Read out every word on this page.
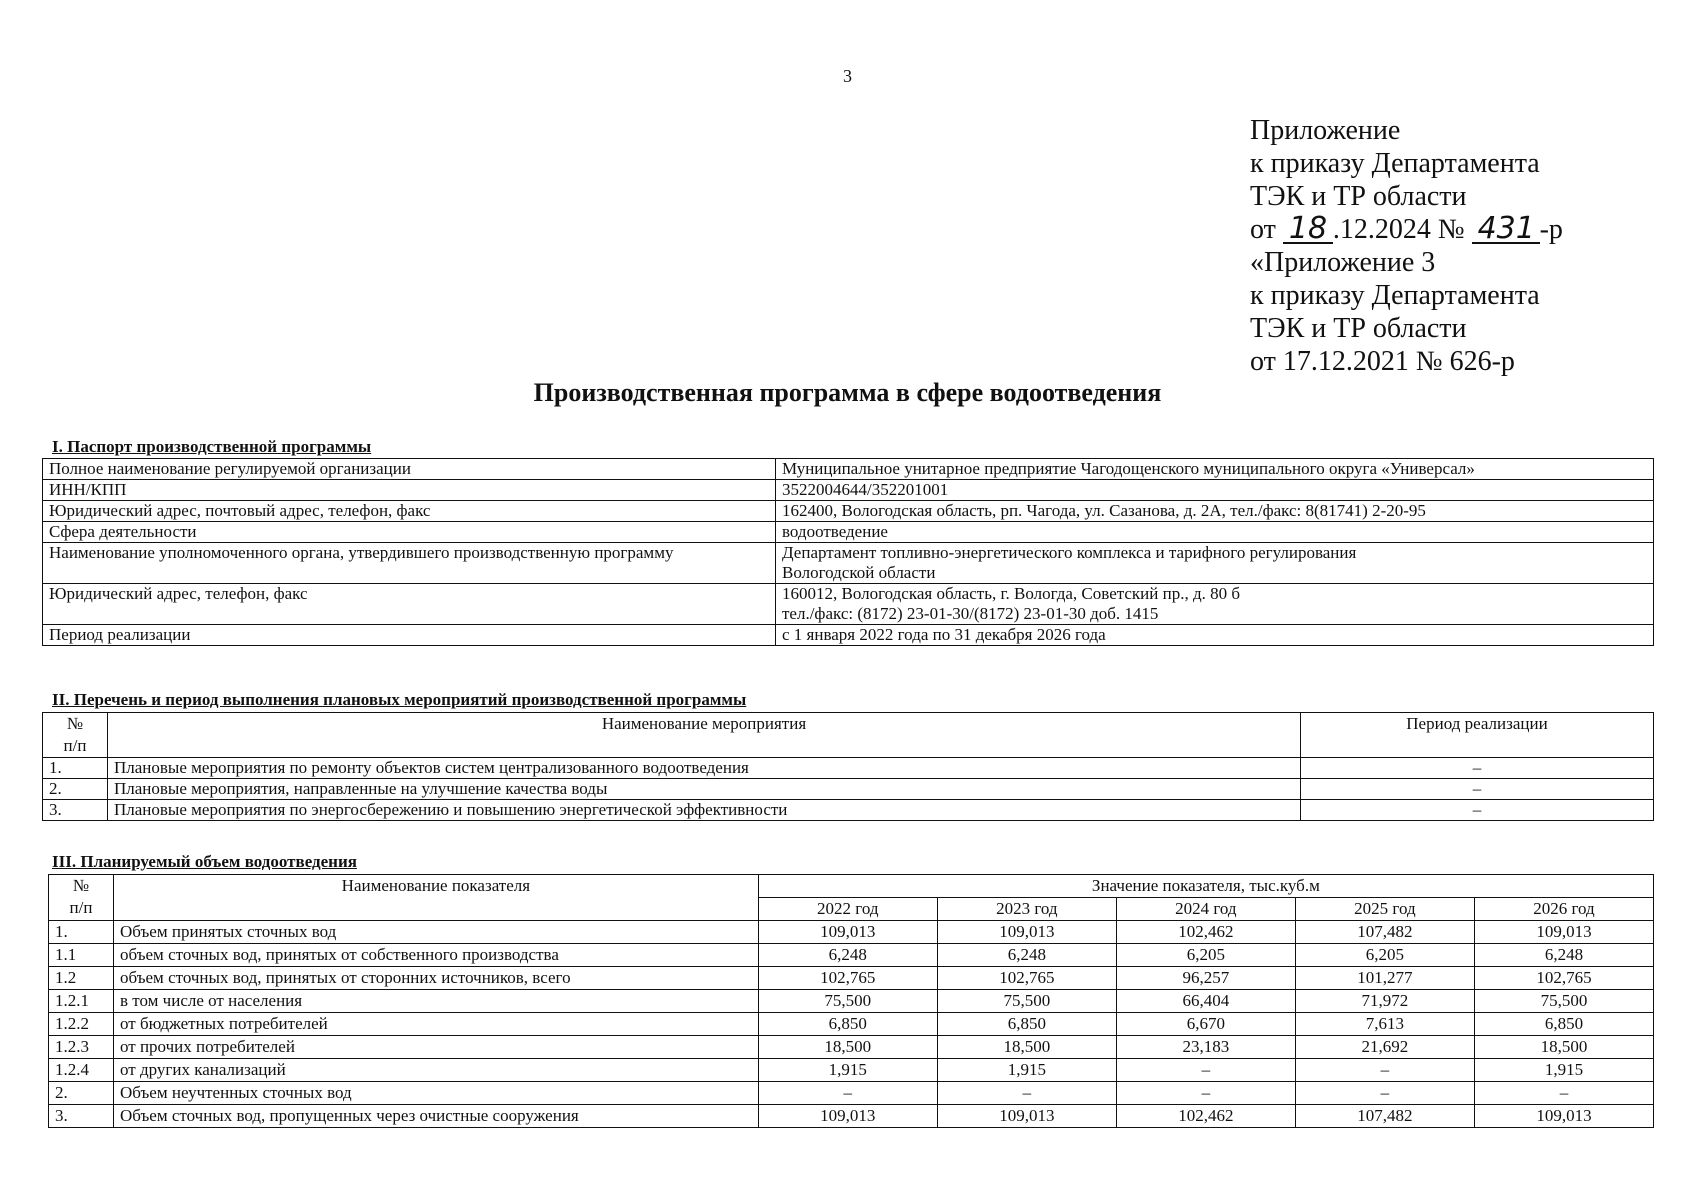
3
Приложение
к приказу Департамента
ТЭК и ТР области
от 18 .12.2024 № 431 -р
«Приложение 3
к приказу Департамента
ТЭК и ТР области
от 17.12.2021 № 626-р
Производственная программа в сфере водоотведения
I. Паспорт производственной программы
Полное наименование регулируемой организации	Муниципальное унитарное предприятие Чагодощенского муниципального округа «Универсал»

ИНН/КПП	3522004644/352201001

Юридический адрес, почтовый адрес, телефон, факс	162400, Вологодская область, рп. Чагода, ул. Сазанова, д. 2А, тел./факс: 8(81741) 2-20-95

Сфера деятельности	водоотведение

Наименование уполномоченного органа, утвердившего производственную программу	Департамент топливно-энергетического комплекса и тарифного регулирования
Вологодской области

Юридический адрес, телефон, факс	160012, Вологодская область, г. Вологда, Советский пр., д. 80 б
тел./факс: (8172) 23-01-30/(8172) 23-01-30 доб. 1415

Период реализации	с 1 января 2022 года по 31 декабря 2026 года
II. Перечень и период выполнения плановых мероприятий производственной программы
№
п/п	Наименование мероприятия	Период реализации
1.	Плановые мероприятия по ремонту объектов систем централизованного водоотведения	–
2.	Плановые мероприятия, направленные на улучшение качества воды	–
3.	Плановые мероприятия по энергосбережению и повышению энергетической эффективности	–
III. Планируемый объем водоотведения
№
п/п	Наименование показателя	Значение показателя, тыс.куб.м				
		2022 год	2023 год	2024 год	2025 год	2026 год
1.	Объем принятых сточных вод	109,013	109,013	102,462	107,482	109,013
1.1	объем сточных вод, принятых от собственного производства	6,248	6,248	6,205	6,205	6,248
1.2	объем сточных вод, принятых от сторонних источников, всего	102,765	102,765	96,257	101,277	102,765
1.2.1	в том числе от населения	75,500	75,500	66,404	71,972	75,500
1.2.2	от бюджетных потребителей	6,850	6,850	6,670	7,613	6,850
1.2.3	от прочих потребителей	18,500	18,500	23,183	21,692	18,500
1.2.4	от других канализаций	1,915	1,915	–	–	1,915
2.	Объем неучтенных сточных вод	–	–	–	–	–
3.	Объем сточных вод, пропущенных через очистные сооружения	109,013	109,013	102,462	107,482	109,013
